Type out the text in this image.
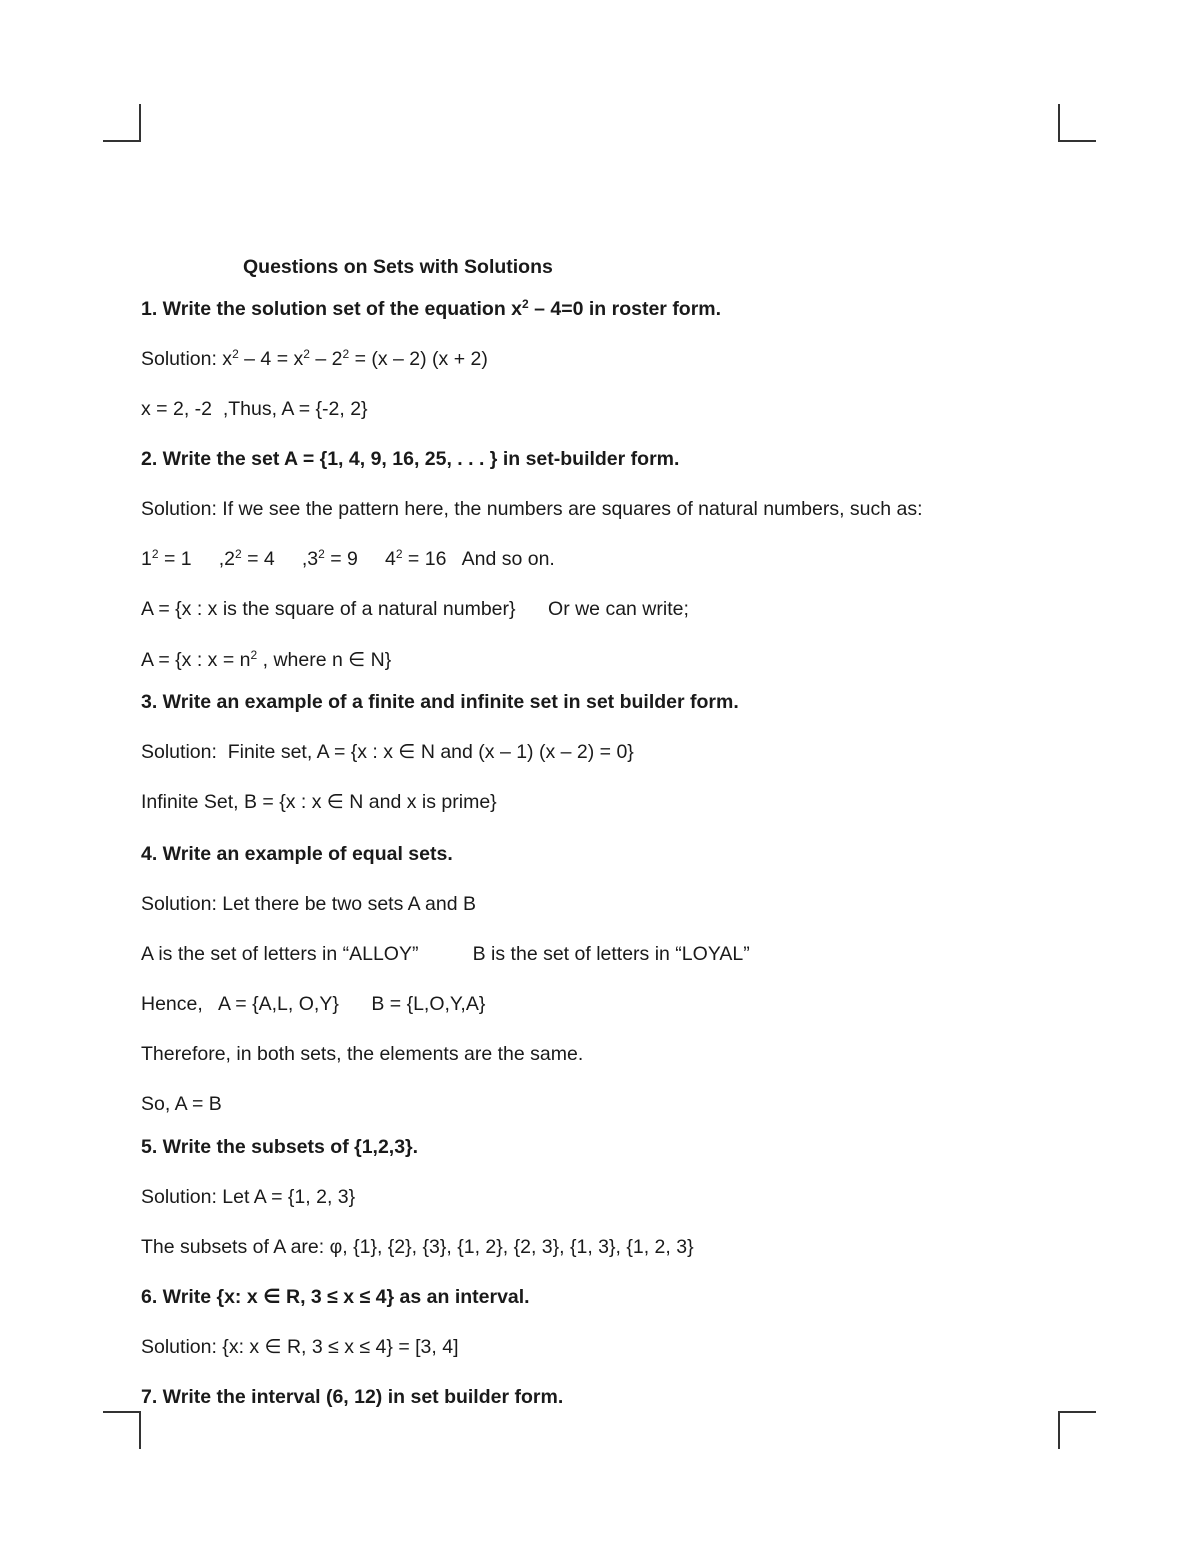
Questions on Sets with Solutions
1. Write the solution set of the equation $x^2 - 4=0$ in roster form.
Solution: $x^2 - 4 = x^2 - 2^2 = (x - 2) (x + 2)$
x = 2, -2  ,Thus, A = {-2, 2}
2. Write the set A = {1, 4, 9, 16, 25, . . . } in set-builder form.
Solution: If we see the pattern here, the numbers are squares of natural numbers, such as:
$1^2 = 1$     $,2^2 = 4$     $,3^2 = 9$     $4^2 = 16$   And so on.
A = {x : x is the square of a natural number}      Or we can write;
A = {x : $x = n^2$ , where n ∈ N}
3. Write an example of a finite and infinite set in set builder form.
Solution:  Finite set, A = {x : x ∈ N and (x – 1) (x – 2) = 0}
Infinite Set, B = {x : x ∈ N and x is prime}
4. Write an example of equal sets.
Solution: Let there be two sets A and B
A is the set of letters in “ALLOY”          B is the set of letters in “LOYAL”
Hence,   A = {A,L, O,Y}      B = {L,O,Y,A}
Therefore, in both sets, the elements are the same.
So, A = B
5. Write the subsets of {1,2,3}.
Solution: Let A = {1, 2, 3}
The subsets of A are: φ, {1}, {2}, {3}, {1, 2}, {2, 3}, {1, 3}, {1, 2, 3}
6. Write {x: x ∈ R, 3 ≤ x ≤ 4} as an interval.
Solution: {x: x ∈ R, 3 ≤ x ≤ 4} = [3, 4]
7. Write the interval (6, 12) in set builder form.
